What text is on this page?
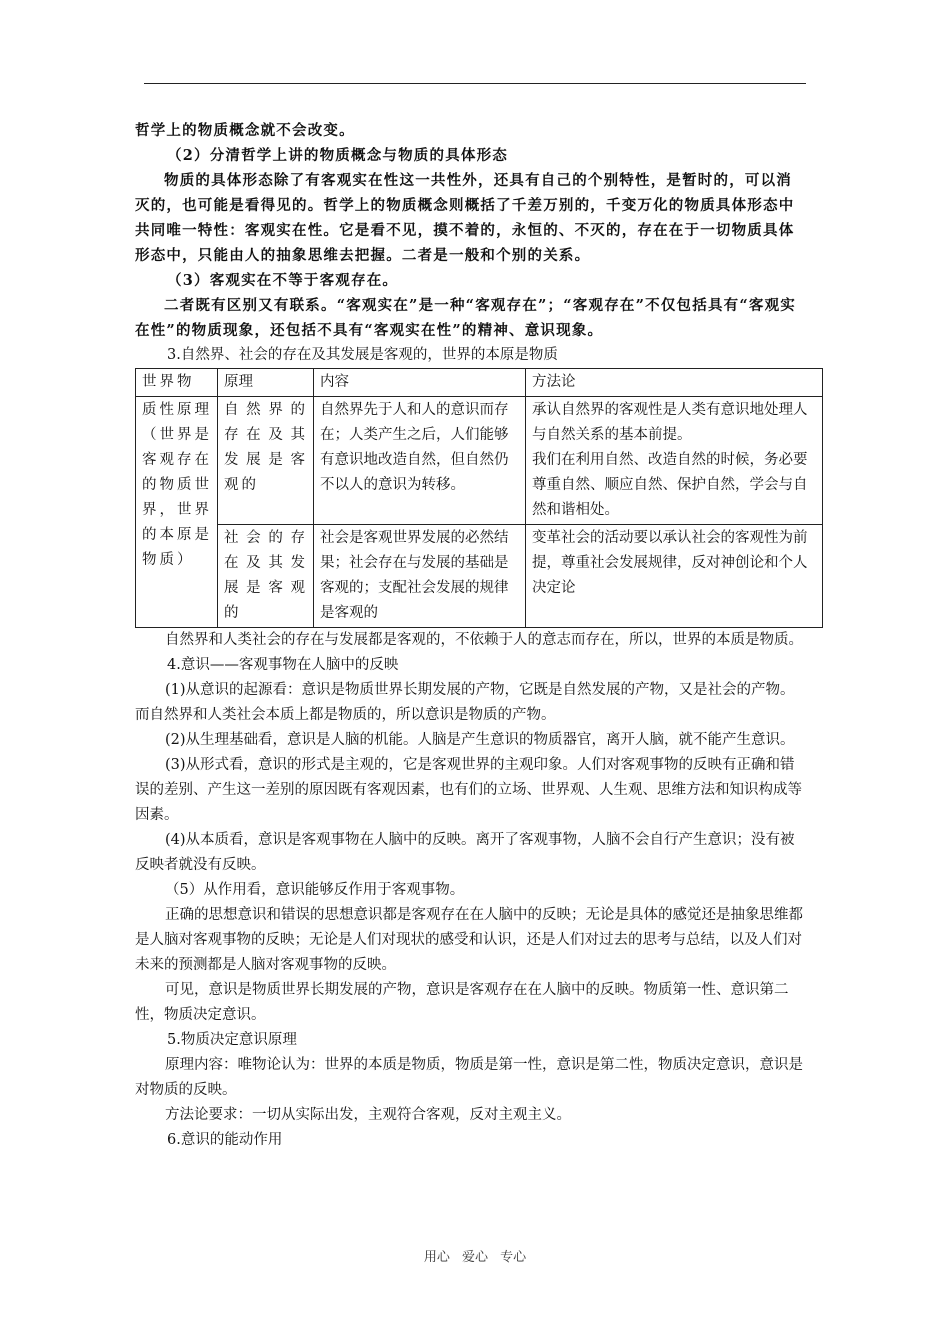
哲学上的物质概念就不会改变。

（2）分清哲学上讲的物质概念与物质的具体形态

物质的具体形态除了有客观实在性这一共性外，还具有自己的个别特性，是暂时的，可以消灭的，也可能是看得见的。哲学上的物质概念则概括了千差万别的，千变万化的物质具体形态中共同唯一特性：客观实在性。它是看不见，摸不着的，永恒的、不灭的，存在在于一切物质具体形态中，只能由人的抽象思维去把握。二者是一般和个别的关系。

（3）客观实在不等于客观存在。

二者既有区别又有联系。“客观实在”是一种“客观存在”；“客观存在”不仅包括具有“客观实在性”的物质现象，还包括不具有“客观实在性”的精神、意识现象。

3.自然界、社会的存在及其发展是客观的，世界的本原是物质

世界物	原理	内容	方法论
质性原理（世界是客观存在的物质世界，世界的本原是物质）	自然界的存在及其发展是客观的	自然界先于人和人的意识而存在；人类产生之后，人们能够有意识地改造自然，但自然仍不以人的意识为转移。	承认自然界的客观性是人类有意识地处理人与自然关系的基本前提。
我们在利用自然、改造自然的时候，务必要尊重自然、顺应自然、保护自然，学会与自然和谐相处。

	社会的存在及其发展是客观的	社会是客观世界发展的必然结果；社会存在与发展的基础是客观的；支配社会发展的规律是客观的	变革社会的活动要以承认社会的客观性为前提，尊重社会发展规律，反对神创论和个人决定论

自然界和人类社会的存在与发展都是客观的，不依赖于人的意志而存在，所以，世界的本质是物质。

4.意识——客观事物在人脑中的反映

(1)从意识的起源看：意识是物质世界长期发展的产物，它既是自然发展的产物，又是社会的产物。而自然界和人类社会本质上都是物质的，所以意识是物质的产物。

(2)从生理基础看，意识是人脑的机能。人脑是产生意识的物质器官，离开人脑，就不能产生意识。

(3)从形式看，意识的形式是主观的，它是客观世界的主观印象。人们对客观事物的反映有正确和错误的差别、产生这一差别的原因既有客观因素，也有们的立场、世界观、人生观、思维方法和知识构成等因素。

(4)从本质看，意识是客观事物在人脑中的反映。离开了客观事物，人脑不会自行产生意识；没有被反映者就没有反映。

（5）从作用看，意识能够反作用于客观事物。

正确的思想意识和错误的思想意识都是客观存在在人脑中的反映；无论是具体的感觉还是抽象思维都是人脑对客观事物的反映；无论是人们对现状的感受和认识，还是人们对过去的思考与总结，以及人们对未来的预测都是人脑对客观事物的反映。

可见，意识是物质世界长期发展的产物，意识是客观存在在人脑中的反映。物质第一性、意识第二性，物质决定意识。

5.物质决定意识原理

原理内容：唯物论认为：世界的本质是物质，物质是第一性，意识是第二性，物质决定意识，意识是对物质的反映。

方法论要求：一切从实际出发，主观符合客观，反对主观主义。

6.意识的能动作用

用心 爱心 专心
